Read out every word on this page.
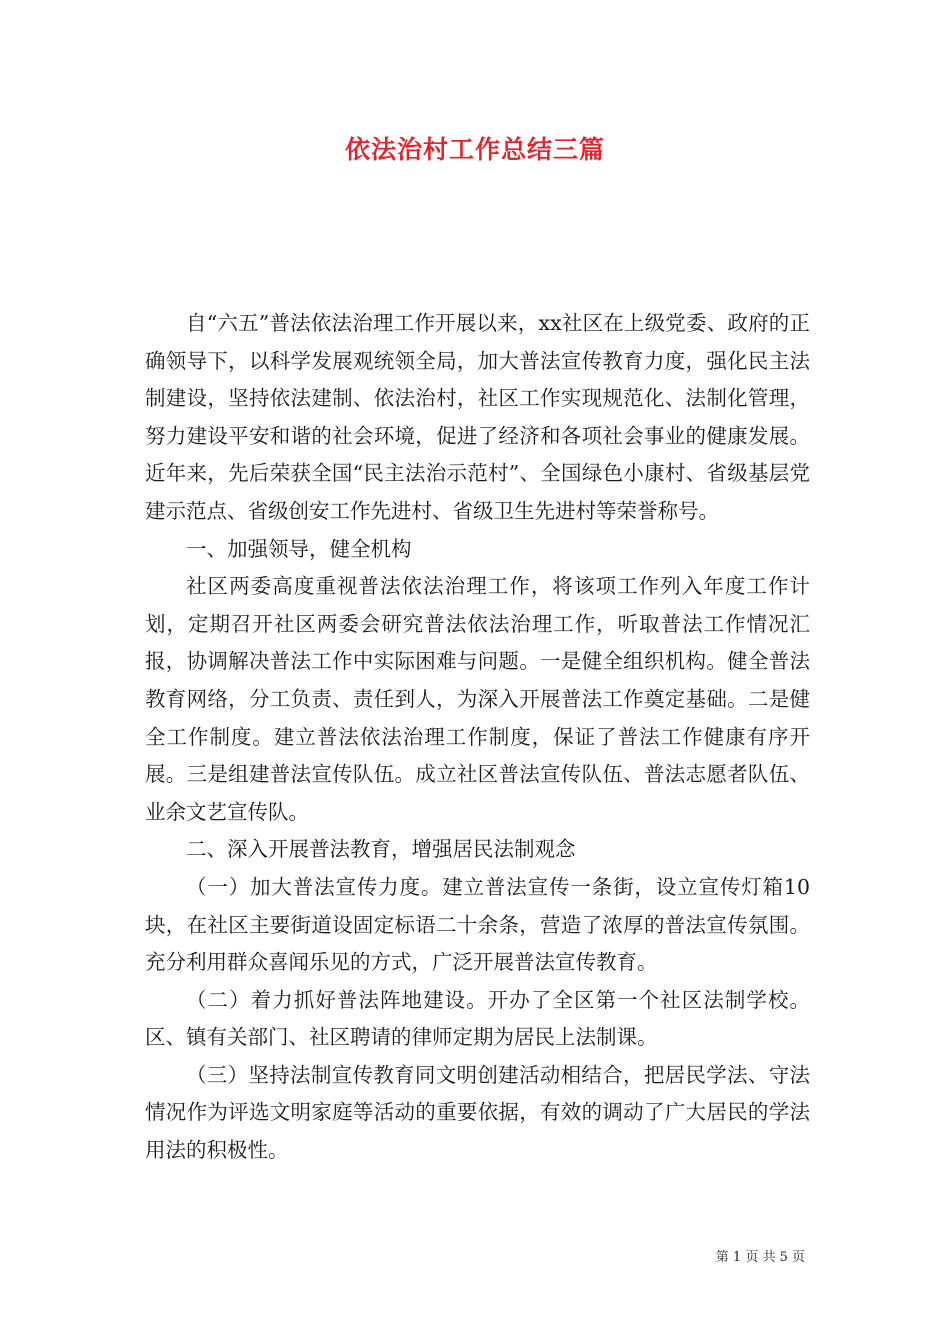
依法治村工作总结三篇

自“六五”普法依法治理工作开展以来，xx社区在上级党委、政府的正确领导下，以科学发展观统领全局，加大普法宣传教育力度，强化民主法制建设，坚持依法建制、依法治村，社区工作实现规范化、法制化管理，努力建设平安和谐的社会环境，促进了经济和各项社会事业的健康发展。近年来，先后荣获全国“民主法治示范村”、全国绿色小康村、省级基层党建示范点、省级创安工作先进村、省级卫生先进村等荣誉称号。

一、加强领导，健全机构

社区两委高度重视普法依法治理工作，将该项工作列入年度工作计划，定期召开社区两委会研究普法依法治理工作，听取普法工作情况汇报，协调解决普法工作中实际困难与问题。一是健全组织机构。健全普法教育网络，分工负责、责任到人，为深入开展普法工作奠定基础。二是健全工作制度。建立普法依法治理工作制度，保证了普法工作健康有序开展。三是组建普法宣传队伍。成立社区普法宣传队伍、普法志愿者队伍、业余文艺宣传队。

二、深入开展普法教育，增强居民法制观念

（一）加大普法宣传力度。建立普法宣传一条街，设立宣传灯箱10块，在社区主要街道设固定标语二十余条，营造了浓厚的普法宣传氛围。充分利用群众喜闻乐见的方式，广泛开展普法宣传教育。

（二）着力抓好普法阵地建设。开办了全区第一个社区法制学校。区、镇有关部门、社区聘请的律师定期为居民上法制课。

（三）坚持法制宣传教育同文明创建活动相结合，把居民学法、守法情况作为评选文明家庭等活动的重要依据，有效的调动了广大居民的学法用法的积极性。

第 1 页 共 5 页
